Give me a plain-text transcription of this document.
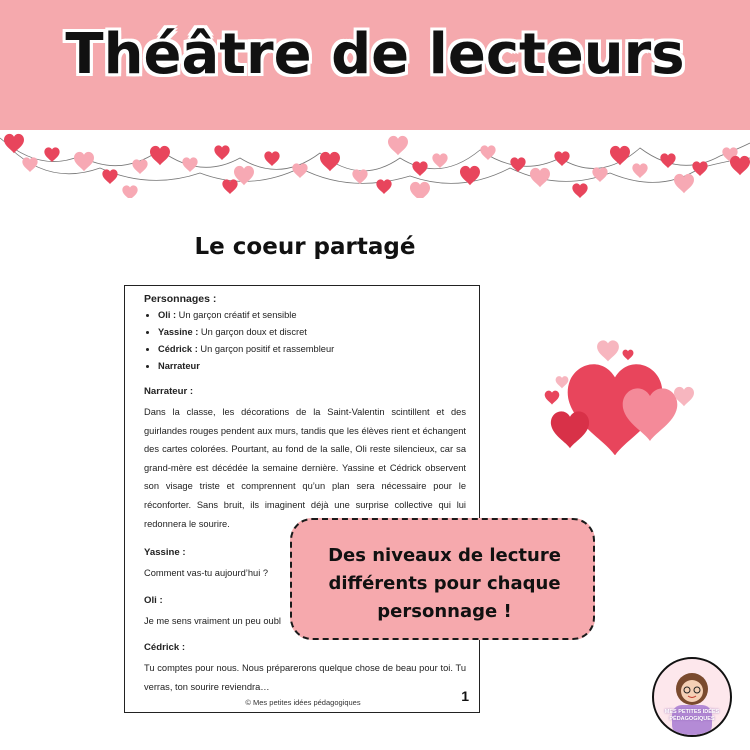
Théâtre de lecteurs
Le coeur partagé
Personnages :
• Oli : Un garçon créatif et sensible
• Yassine : Un garçon doux et discret
• Cédrick : Un garçon positif et rassembleur
• Narrateur
Narrateur :

Dans la classe, les décorations de la Saint-Valentin scintillent et des guirlandes rouges pendent aux murs, tandis que les élèves rient et échangent des cartes colorées. Pourtant, au fond de la salle, Oli reste silencieux, car sa grand-mère est décédée la semaine dernière. Yassine et Cédrick observent son visage triste et comprennent qu’un plan sera nécessaire pour le réconforter. Sans bruit, ils imaginent déjà une surprise collective qui lui redonnera le sourire.

Yassine :

Comment vas-tu aujourd’hui ?

Oli :

Je me sens vraiment un peu oubl

Cédrick :

Tu comptes pour nous. Nous préparerons quelque chose de beau pour toi. Tu verras, ton sourire reviendra…

© Mes petites idées pédagogiques	1
Des niveaux de lecture
différents pour chaque
personnage !
MES PETITES IDÉES
PÉDAGOGIQUES
